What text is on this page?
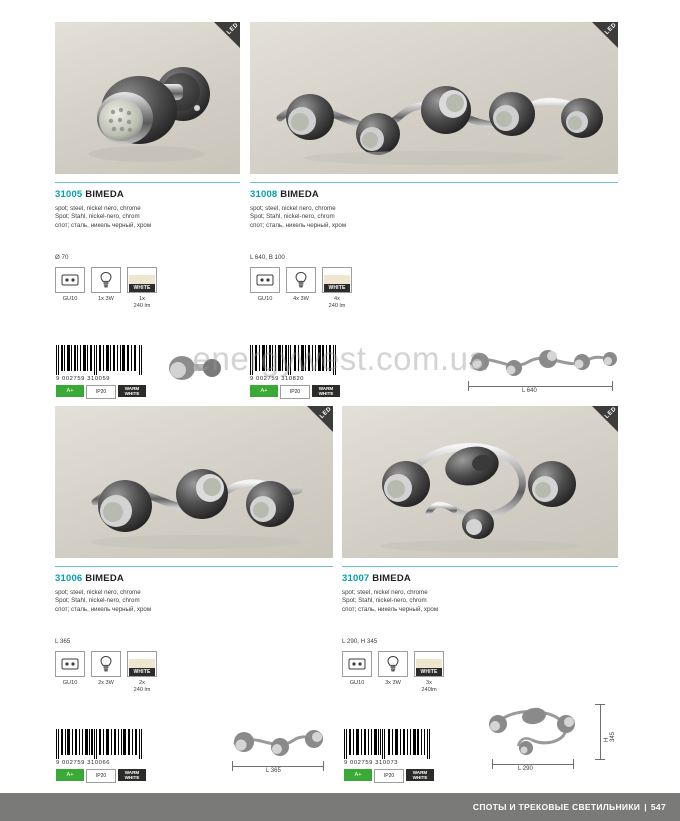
LED
31005 BIMEDA
spot; steel, nickel nero, chrome
Spot; Stahl, nickel-nero, chrom
спот; сталь, никель черный, хром
Ø 70
GU10	1x 3W
WHITE
1x
240 lm
9 002759 310059
A+	IP20
WARM
WHITE
LED
31008 BIMEDA
spot; steel, nickel nero, chrome
Spot; Stahl, nickel-nero, chrom
спот; сталь, никель черный, хром
L 640, B 100
GU10	4x 3W
WHITE
4x
240 lm
9 002759 310820
A+	IP20
WARM
WHITE	L 640
LED
31006 BIMEDA
spot; steel, nickel nero, chrome
Spot; Stahl, nickel-nero, chrom
спот; сталь, никель черный, хром
L 365
GU10	2x 3W
WHITE
2x
240 lm
9 002759 310066
A+	IP20
WARM
WHITE
L 365
LED
31007 BIMEDA
spot; steel, nickel nero, chrome
Spot; Stahl, nickel-nero, chrom
спот; сталь, никель черный, хром
L 290, H 345
GU10	3x 3W
WHITE
3x
240lm
9 002759 310073
A+	IP20
WARM
WHITE
L 290
H 345
energywest.com.ua
СПОТЫ И ТРЕКОВЫЕ СВЕТИЛЬНИКИ | 547
